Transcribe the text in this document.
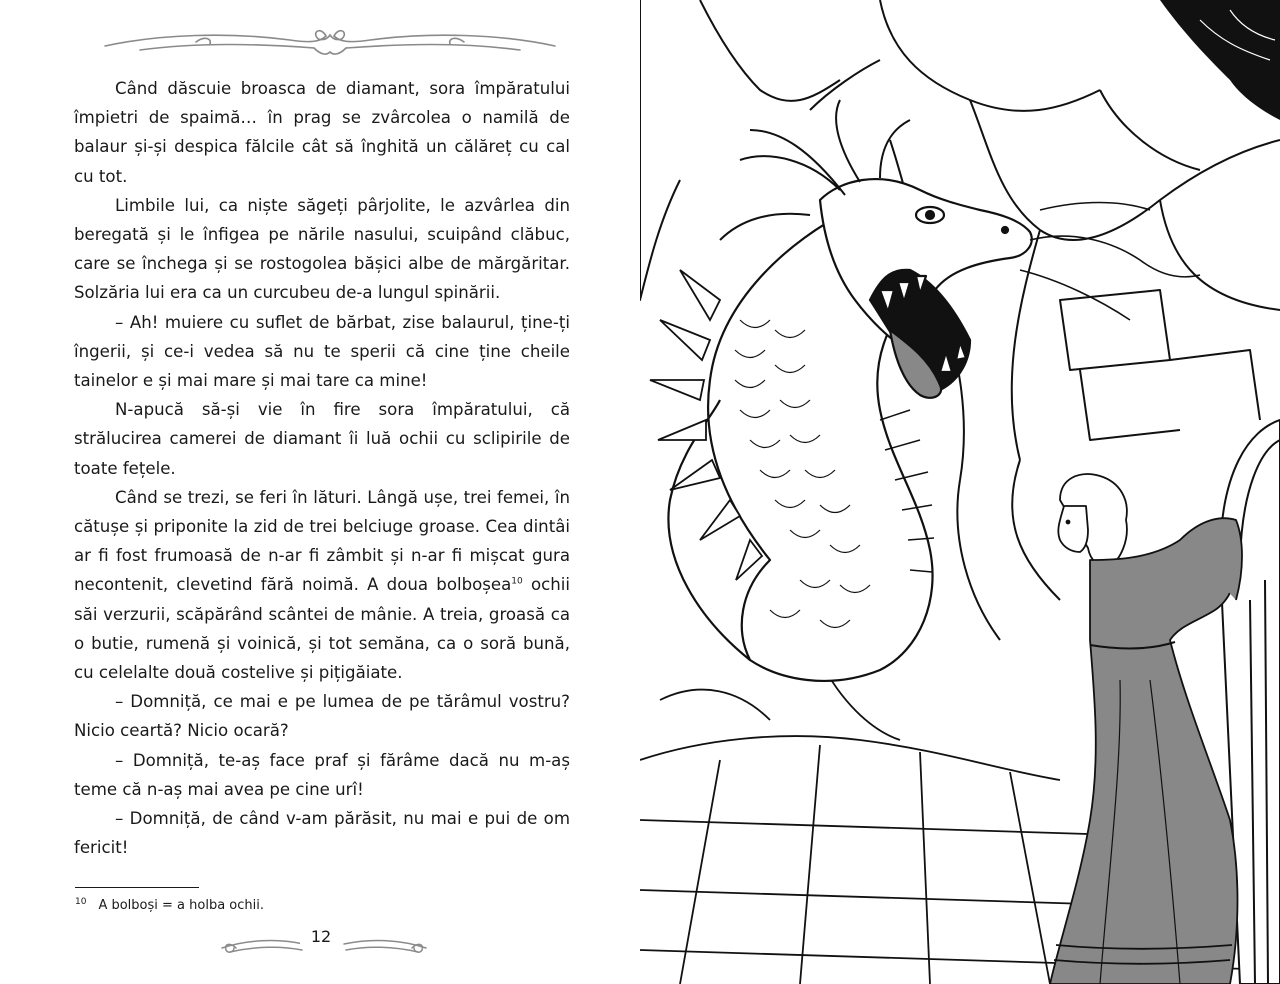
Când dăscuie broasca de diamant, sora împăratului împietri de spaimă… în prag se zvârcolea o namilă de balaur și-și despica fălcile cât să înghită un călăreț cu cal cu tot.

Limbile lui, ca niște săgeți pârjolite, le azvârlea din beregată și le înfigea pe nările nasului, scuipând clăbuc, care se închega și se rostogolea bășici albe de mărgăritar. Solzăria lui era ca un curcubeu de-a lungul spinării.

– Ah! muiere cu suflet de bărbat, zise balaurul, ține-ți îngerii, și ce-i vedea să nu te sperii că cine ține cheile tainelor e și mai mare și mai tare ca mine!

N-apucă să-și vie în fire sora împăratului, că strălucirea camerei de diamant îi luă ochii cu sclipirile de toate fețele.

Când se trezi, se feri în lături. Lângă ușe, trei femei, în cătușe și priponite la zid de trei belciuge groase. Cea dintâi ar fi fost frumoasă de n-ar fi zâmbit și n-ar fi mișcat gura necontenit, clevetind fără noimă. A doua bolboșea$^{10}$ ochii săi verzurii, scăpărând scântei de mânie. A treia, groasă ca o butie, rumenă și voinică, și tot semăna, ca o soră bună, cu celelalte două costelive și pițigăiate.

– Domniță, ce mai e pe lumea de pe tărâmul vostru? Nicio ceartă? Nicio ocară?

– Domniță, te-aș face praf și fărâme dacă nu m-aș teme că n-aș mai avea pe cine urî!

– Domniță, de când v-am părăsit, nu mai e pui de om fericit!

$^{10}$ A bolboși = a holba ochii.
12
